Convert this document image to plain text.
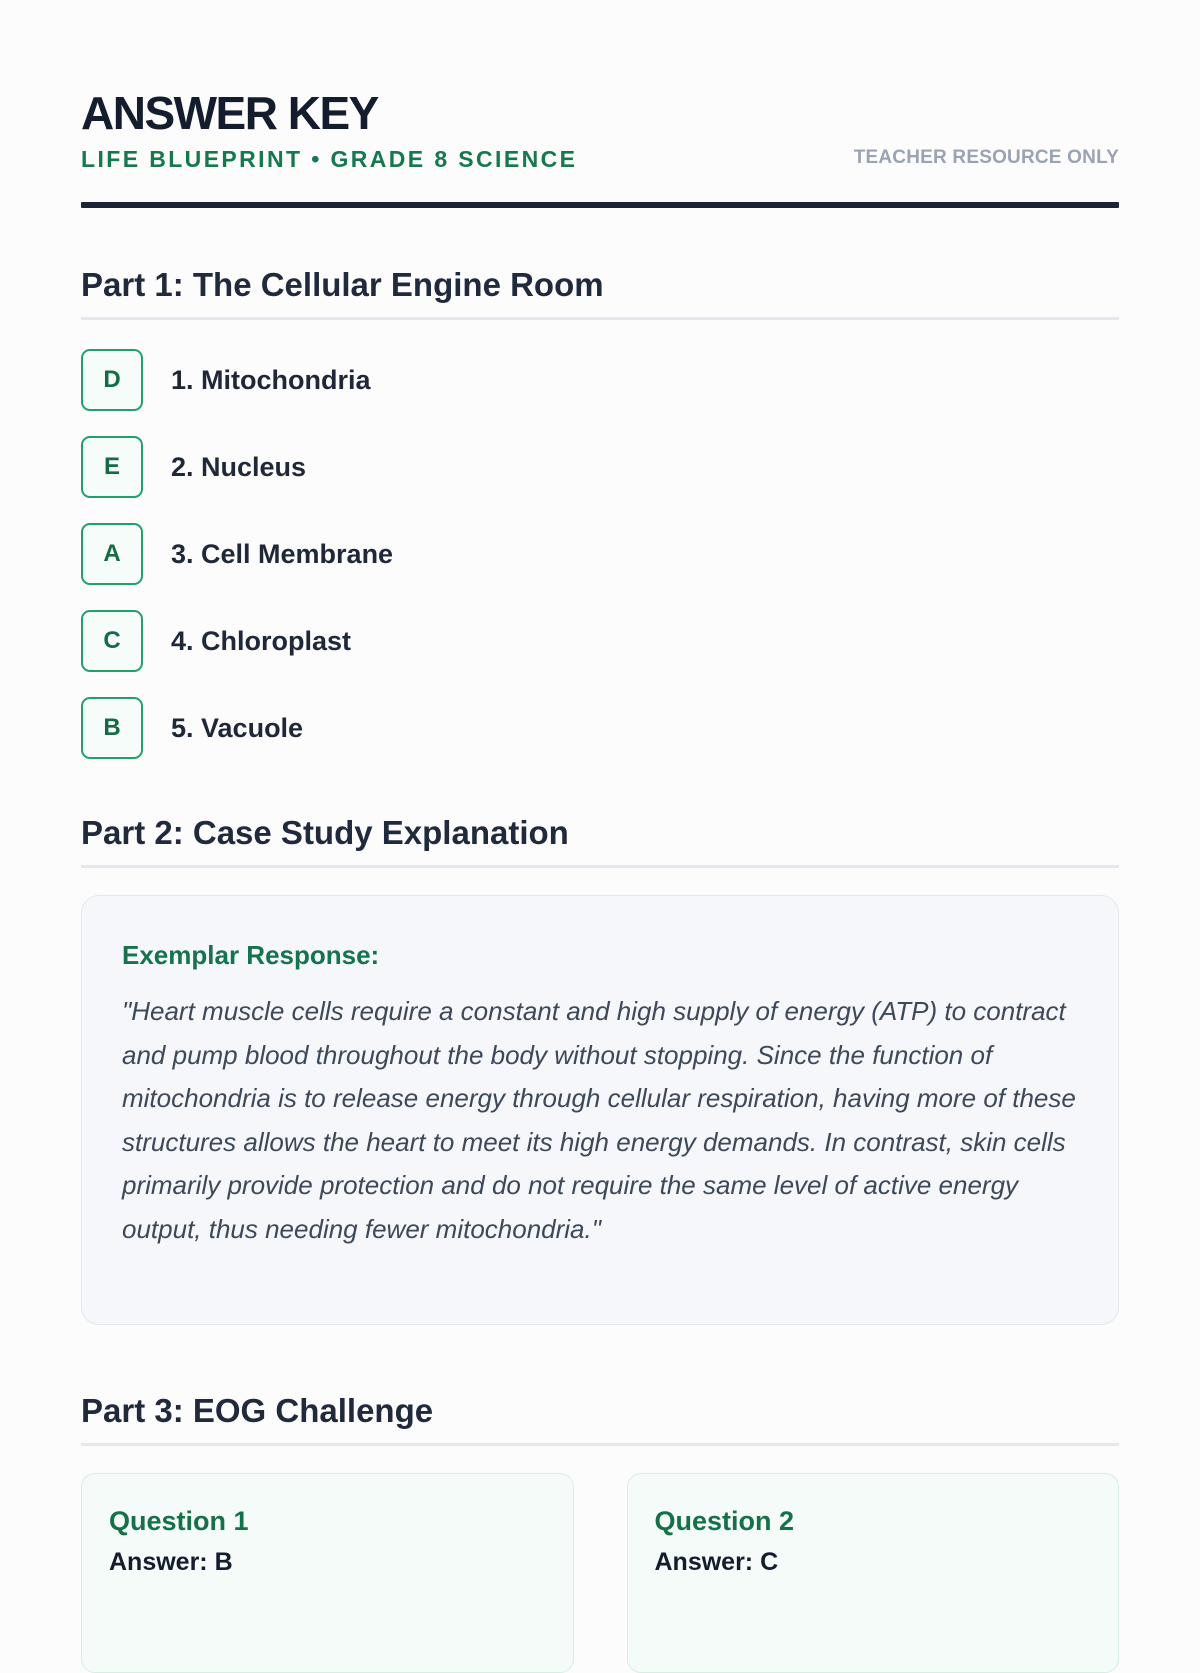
ANSWER KEY
LIFE BLUEPRINT • GRADE 8 SCIENCE	TEACHER RESOURCE ONLY
Part 1: The Cellular Engine Room
D	1. Mitochondria
E	2. Nucleus
A	3. Cell Membrane
C	4. Chloroplast
B	5. Vacuole
Part 2: Case Study Explanation
Exemplar Response:
"Heart muscle cells require a constant and high supply of energy (ATP) to contract and pump blood throughout the body without stopping. Since the function of mitochondria is to release energy through cellular respiration, having more of these structures allows the heart to meet its high energy demands. In contrast, skin cells primarily provide protection and do not require the same level of active energy output, thus needing fewer mitochondria."
Part 3: EOG Challenge
Question 1
Answer: B
Question 2
Answer: C
